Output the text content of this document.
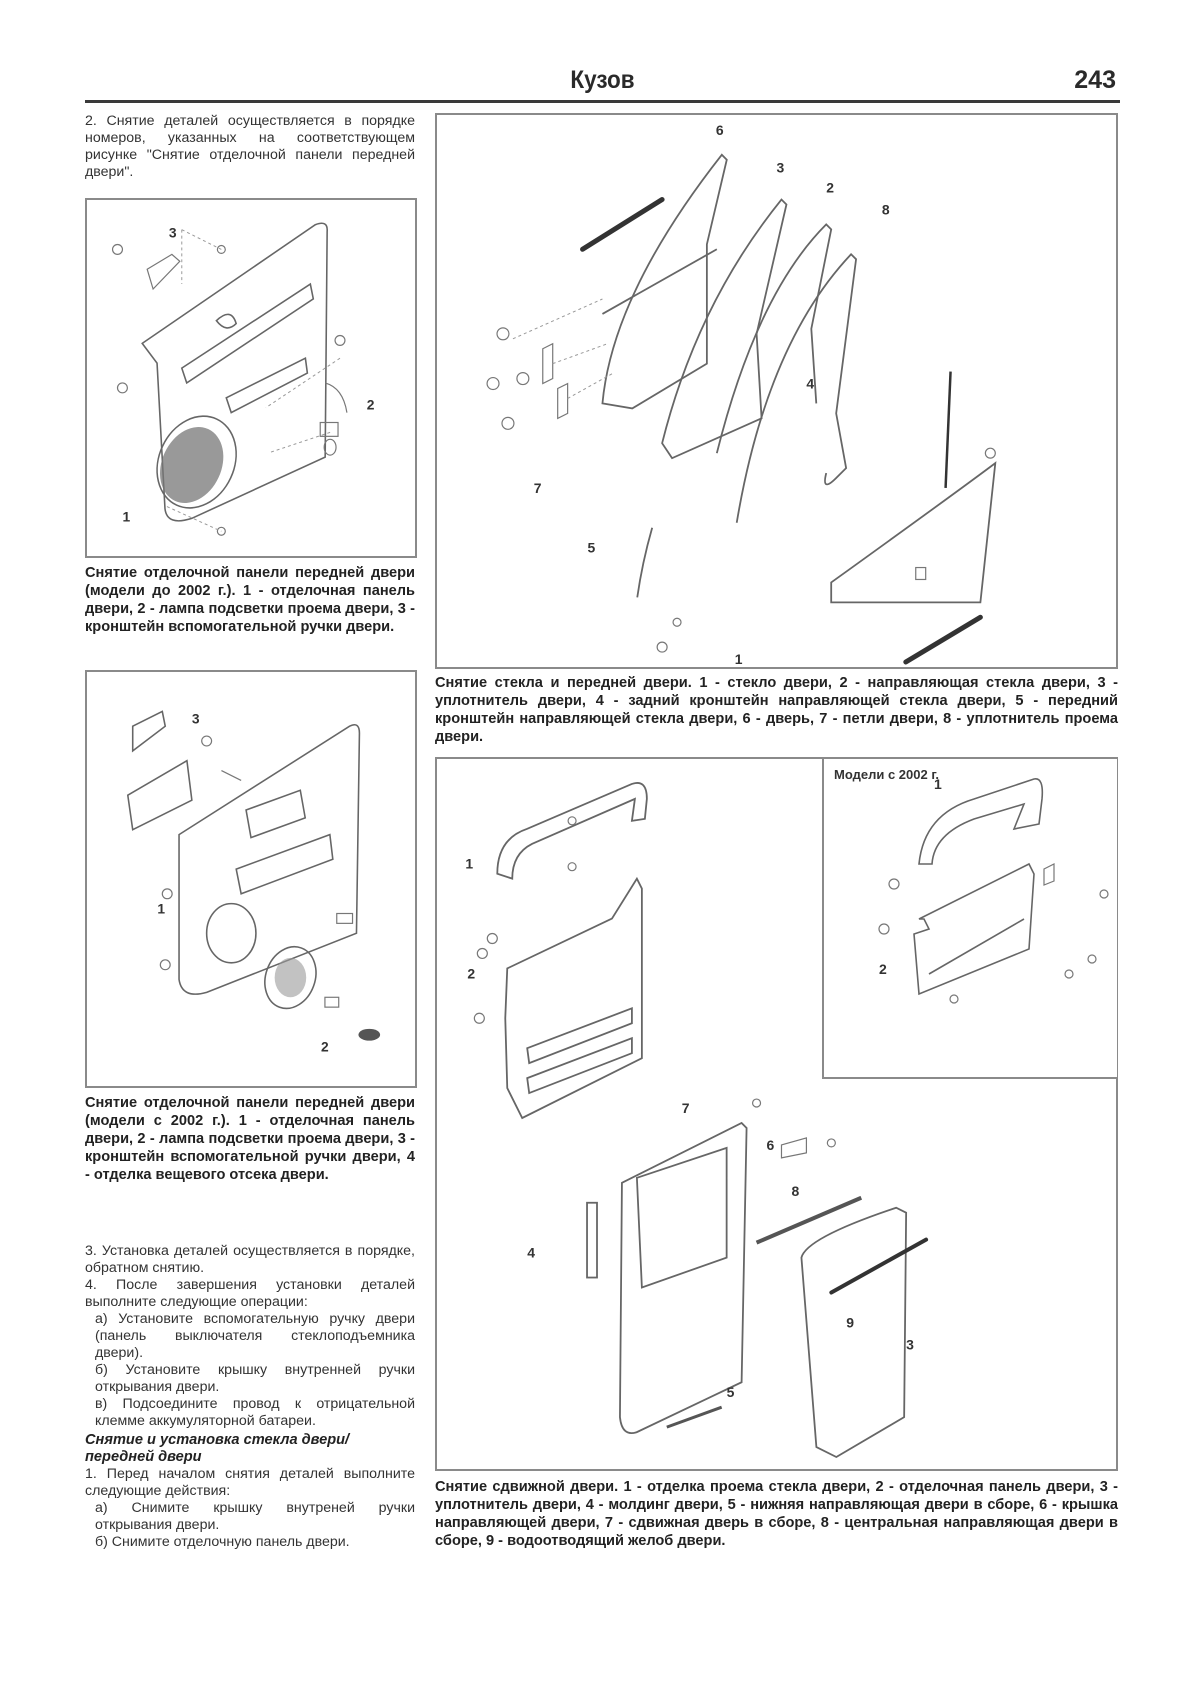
Кузов	243

2. Снятие деталей осуществляется в порядке номеров, указанных на соответствующем рисунке "Снятие отделочной панели передней двери".

3
2
1
Снятие отделочной панели передней двери (модели до 2002 г.). 1 - отделочная панель двери, 2 - лампа подсветки проема двери, 3 - кронштейн вспомогательной ручки двери.
3
1
2
Снятие отделочной панели передней двери (модели с 2002 г.). 1 - отделочная панель двери, 2 - лампа подсветки проема двери, 3 - кронштейн вспомогательной ручки двери, 4 - отделка вещевого отсека двери.

3. Установка деталей осуществляется в порядке, обратном снятию.

4. После завершения установки деталей выполните следующие операции:

а) Установите вспомогательную ручку двери (панель выключателя стеклоподъемника двери).

б) Установите крышку внутренней ручки открывания двери.

в) Подсоедините провод к отрицательной клемме аккумуляторной батареи.

Снятие и установка стекла двери/передней двери

1. Перед началом снятия деталей выполните следующие действия:

а) Снимите крышку внутреней ручки открывания двери.

б) Снимите отделочную панель двери.

6
3
2
8
4
7
5
1
Снятие стекла и передней двери. 1 - стекло двери, 2 - направляющая стекла двери, 3 - уплотнитель двери, 4 - задний кронштейн направляющей стекла двери, 5 - передний кронштейн направляющей стекла двери, 6 - дверь, 7 - петли двери, 8 - уплотнитель проема двери.
Модели с 2002 г.
1
2
1
2
7
6
8
4
9
3
5
Снятие сдвижной двери. 1 - отделка проема стекла двери, 2 - отделочная панель двери, 3 - уплотнитель двери, 4 - молдинг двери, 5 - нижняя направляющая двери в сборе, 6 - крышка направляющей двери, 7 - сдвижная дверь в сборе, 8 - центральная направляющая двери в сборе, 9 - водоотводящий желоб двери.
